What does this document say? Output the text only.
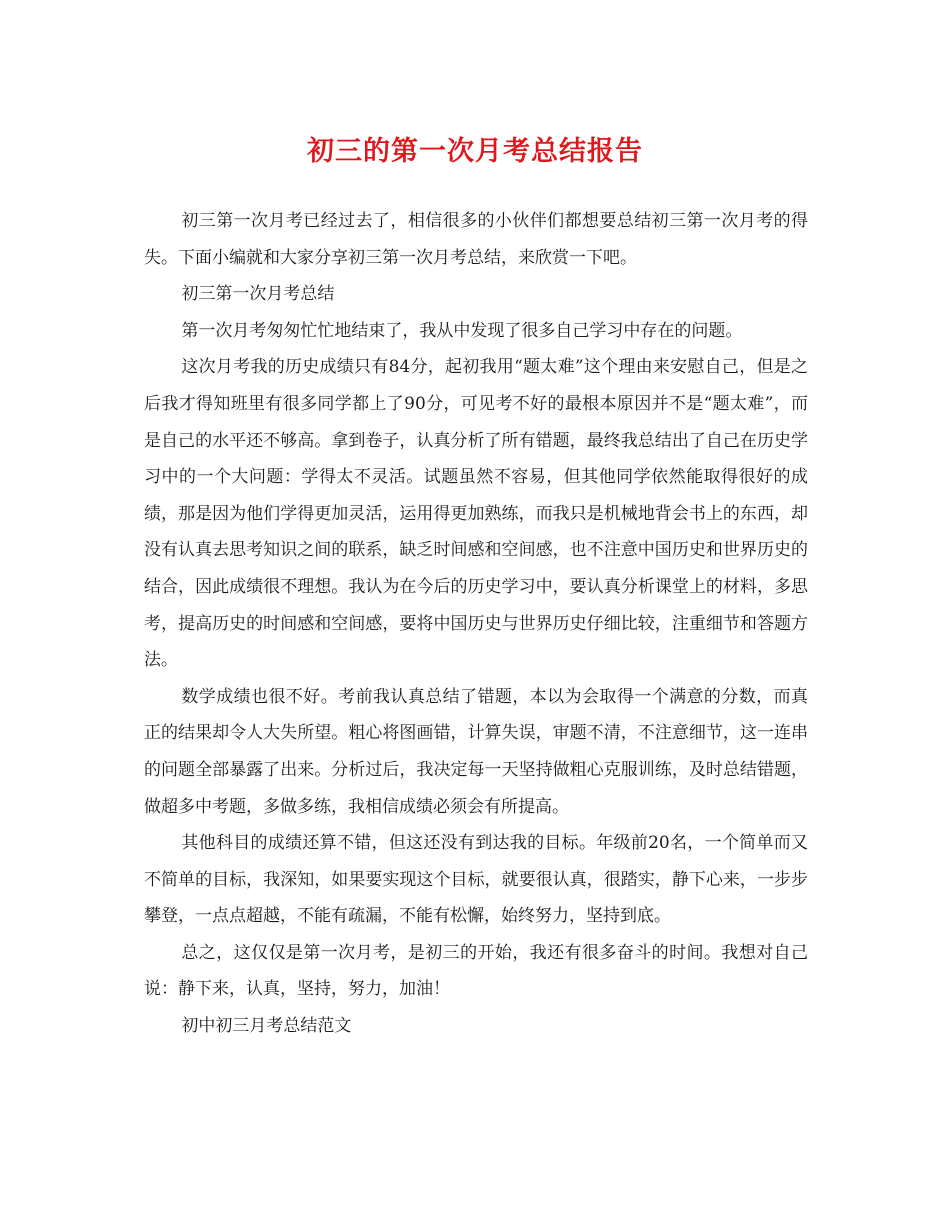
初三的第一次月考总结报告

初三第一次月考已经过去了，相信很多的小伙伴们都想要总结初三第一次月考的得失。下面小编就和大家分享初三第一次月考总结，来欣赏一下吧。

初三第一次月考总结

第一次月考匆匆忙忙地结束了，我从中发现了很多自己学习中存在的问题。

这次月考我的历史成绩只有84分，起初我用“题太难”这个理由来安慰自己，但是之后我才得知班里有很多同学都上了90分，可见考不好的最根本原因并不是“题太难”，而是自己的水平还不够高。拿到卷子，认真分析了所有错题，最终我总结出了自己在历史学习中的一个大问题：学得太不灵活。试题虽然不容易，但其他同学依然能取得很好的成绩，那是因为他们学得更加灵活，运用得更加熟练，而我只是机械地背会书上的东西，却没有认真去思考知识之间的联系，缺乏时间感和空间感，也不注意中国历史和世界历史的结合，因此成绩很不理想。我认为在今后的历史学习中，要认真分析课堂上的材料，多思考，提高历史的时间感和空间感，要将中国历史与世界历史仔细比较，注重细节和答题方法。

数学成绩也很不好。考前我认真总结了错题，本以为会取得一个满意的分数，而真正的结果却令人大失所望。粗心将图画错，计算失误，审题不清，不注意细节，这一连串的问题全部暴露了出来。分析过后，我决定每一天坚持做粗心克服训练，及时总结错题，做超多中考题，多做多练，我相信成绩必须会有所提高。

其他科目的成绩还算不错，但这还没有到达我的目标。年级前20名，一个简单而又不简单的目标，我深知，如果要实现这个目标，就要很认真，很踏实，静下心来，一步步攀登，一点点超越，不能有疏漏，不能有松懈，始终努力，坚持到底。

总之，这仅仅是第一次月考，是初三的开始，我还有很多奋斗的时间。我想对自己说：静下来，认真，坚持，努力，加油！

初中初三月考总结范文
